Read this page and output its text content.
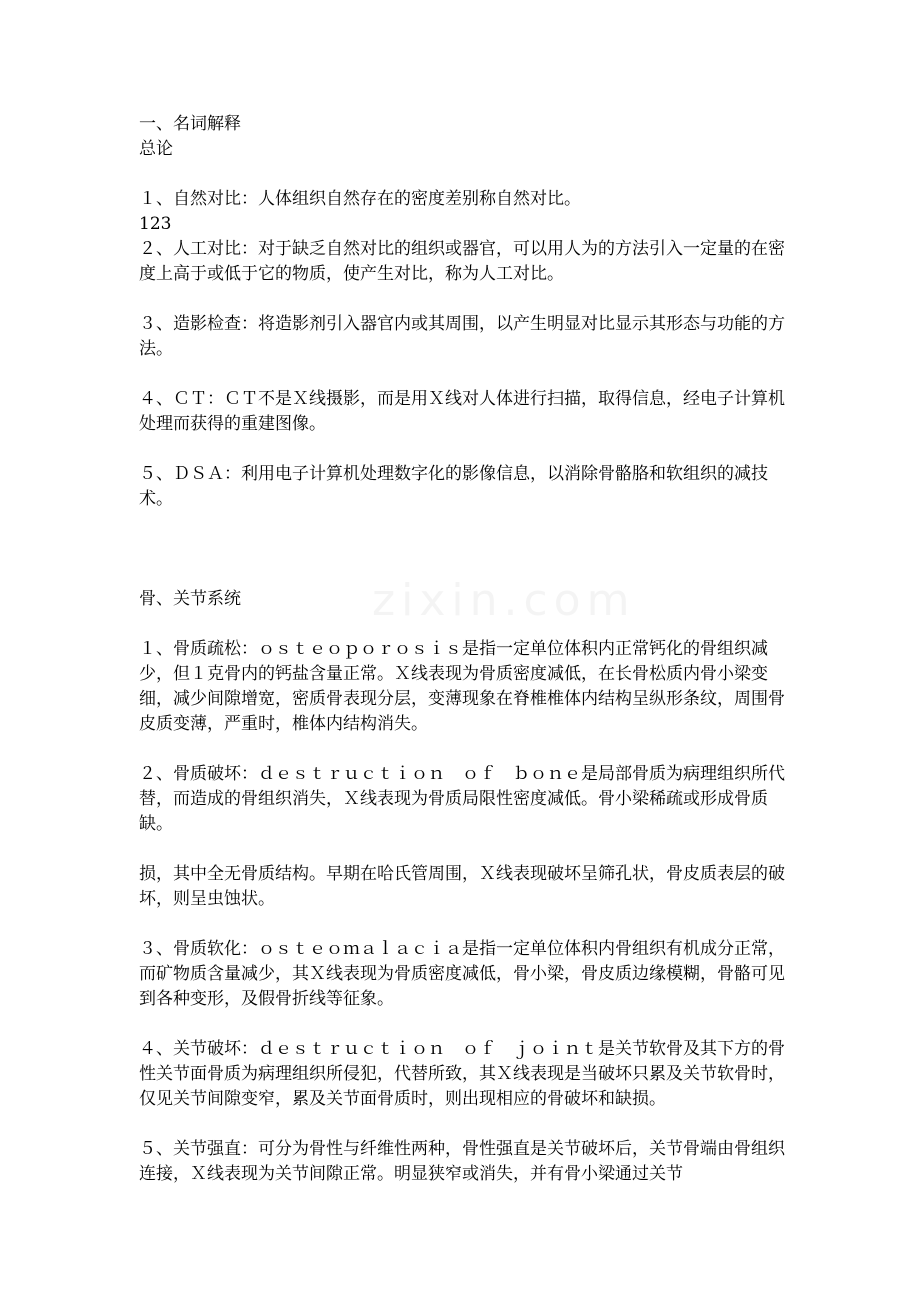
zixin.com
一、名词解释
总论
１、自然对比：人体组织自然存在的密度差别称自然对比。
123
２、人工对比：对于缺乏自然对比的组织或器官，可以用人为的方法引入一定量的在密度上高于或低于它的物质，使产生对比，称为人工对比。
３、造影检查：将造影剂引入器官内或其周围，以产生明显对比显示其形态与功能的方法。
４、ＣＴ：ＣＴ不是Ｘ线摄影，而是用Ｘ线对人体进行扫描，取得信息，经电子计算机处理而获得的重建图像。
５、ＤＳＡ：利用电子计算机处理数字化的影像信息，以消除骨骼胳和软组织的减技术。
骨、关节系统
１、骨质疏松：ｏｓｔｅｏｐｏｒｏｓｉｓ是指一定单位体积内正常钙化的骨组织减少，但１克骨内的钙盐含量正常。Ｘ线表现为骨质密度减低，在长骨松质内骨小梁变细，减少间隙增宽，密质骨表现分层，变薄现象在脊椎椎体内结构呈纵形条纹，周围骨皮质变薄，严重时，椎体内结构消失。
２、骨质破坏：ｄｅｓｔｒｕｃｔｉｏｎ　ｏｆ　ｂｏｎｅ是局部骨质为病理组织所代替，而造成的骨组织消失，Ｘ线表现为骨质局限性密度减低。骨小梁稀疏或形成骨质缺。
损，其中全无骨质结构。早期在哈氏管周围，Ｘ线表现破坏呈筛孔状，骨皮质表层的破坏，则呈虫蚀状。
３、骨质软化：ｏｓｔｅｏｍａｌａｃｉａ是指一定单位体积内骨组织有机成分正常，而矿物质含量减少，其Ｘ线表现为骨质密度减低，骨小梁，骨皮质边缘模糊，骨骼可见到各种变形，及假骨折线等征象。
４、关节破坏：ｄｅｓｔｒｕｃｔｉｏｎ　ｏｆ　ｊｏｉｎｔ是关节软骨及其下方的骨性关节面骨质为病理组织所侵犯，代替所致，其Ｘ线表现是当破坏只累及关节软骨时，仅见关节间隙变窄，累及关节面骨质时，则出现相应的骨破坏和缺损。
５、关节强直：可分为骨性与纤维性两种，骨性强直是关节破坏后，关节骨端由骨组织连接，Ｘ线表现为关节间隙正常。明显狭窄或消失，并有骨小梁通过关节
